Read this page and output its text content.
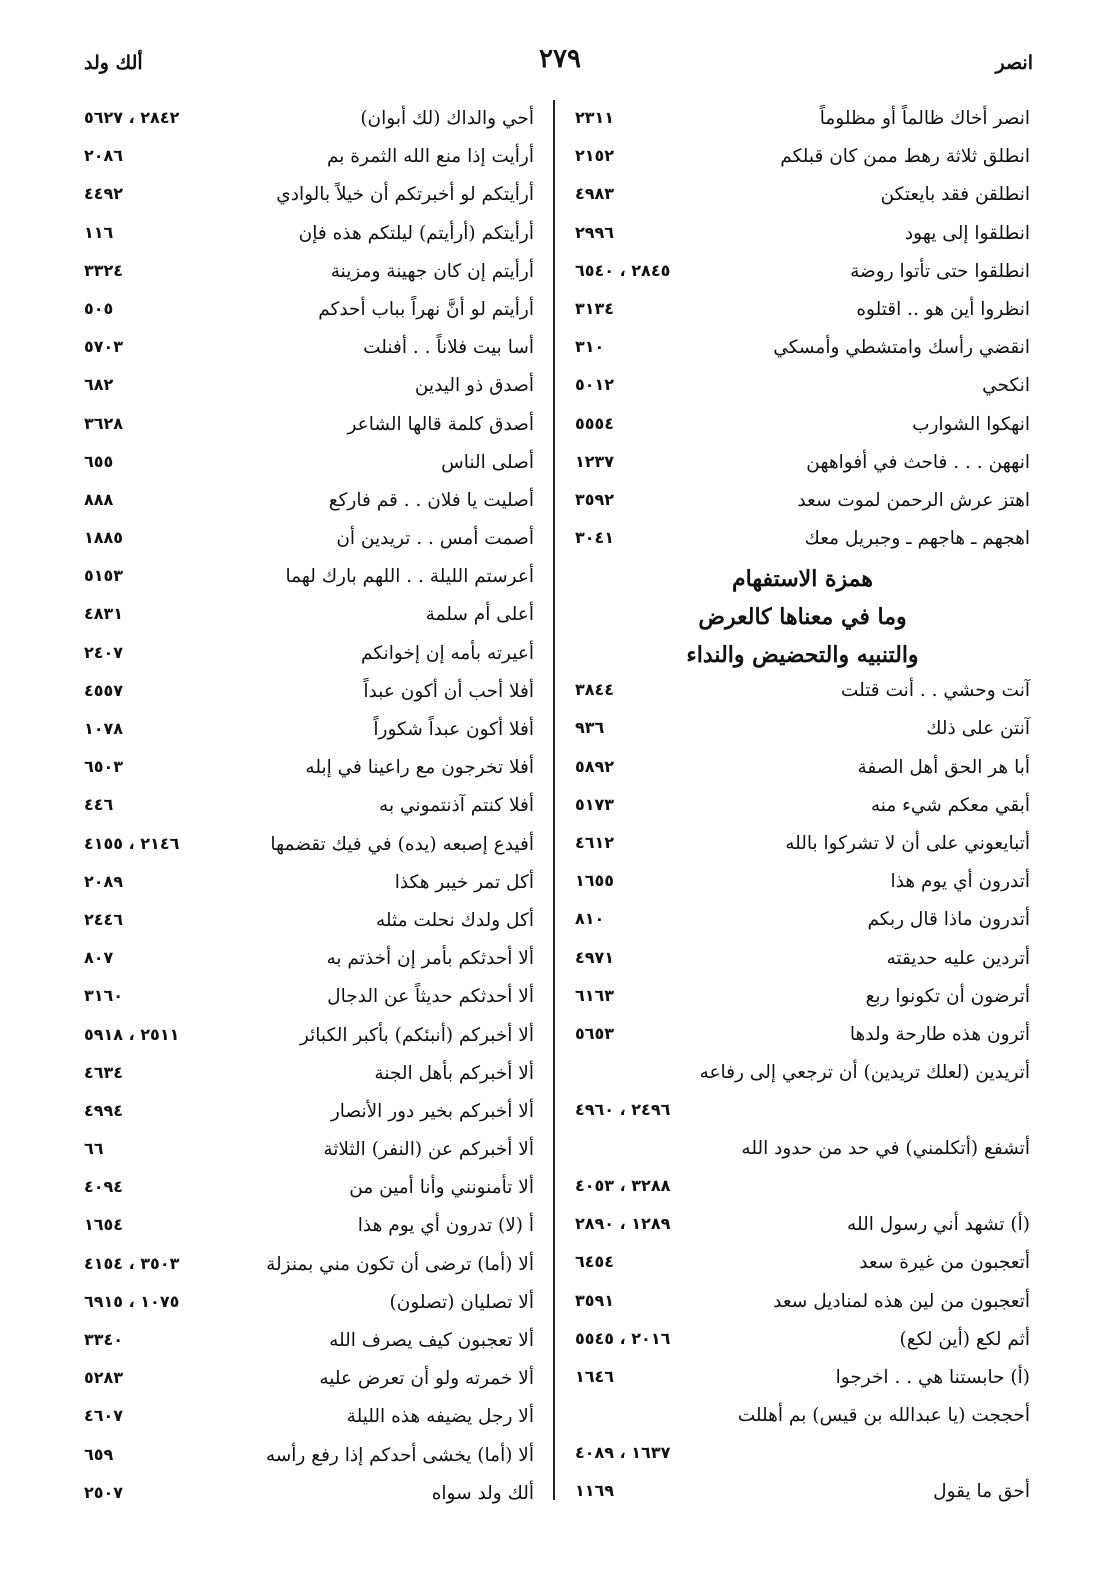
انصر
٢٧٩
ألك ولد
انصر أخاك ظالماً أو مظلوماً
٢٣١١
انطلق ثلاثة رهط ممن كان قبلكم
٢١٥٢
انطلقن فقد بايعتكن
٤٩٨٣
انطلقوا إلى يهود
٢٩٩٦
انطلقوا حتى تأتوا روضة
٢٨٤٥ ، ٦٥٤٠
انظروا أين هو .. اقتلوه
٣١٣٤
انقضي رأسك وامتشطي وأمسكي
٣١٠
انكحي
٥٠١٢
انهكوا الشوارب
٥٥٥٤
انههن . . . فاحث في أفواههن
١٢٣٧
اهتز عرش الرحمن لموت سعد
٣٥٩٢
اهجهم ـ هاجهم ـ وجبريل معك
٣٠٤١
همزة الاستفهام
وما في معناها كالعرض
والتنبيه والتحضيض والنداء
آنت وحشي . . أنت قتلت
٣٨٤٤
آنتن على ذلك
٩٣٦
أبا هر الحق أهل الصفة
٥٨٩٢
أبقي معكم شيء منه
٥١٧٣
أتبايعوني على أن لا تشركوا بالله
٤٦١٢
أتدرون أي يوم هذا
١٦٥٥
أتدرون ماذا قال ربكم
٨١٠
أتردين عليه حديقته
٤٩٧١
أترضون أن تكونوا ربع
٦١٦٣
أترون هذه طارحة ولدها
٥٦٥٣
أتريدين (لعلك تريدين) أن ترجعي إلى رفاعه
٢٤٩٦ ، ٤٩٦٠
أتشفع (أتكلمني) في حد من حدود الله
٣٢٨٨ ، ٤٠٥٣
(أ) تشهد أني رسول الله
١٢٨٩ ، ٢٨٩٠
أتعجبون من غيرة سعد
٦٤٥٤
أتعجبون من لين هذه لمناديل سعد
٣٥٩١
أثم لكع (أين لكع)
٢٠١٦ ، ٥٥٤٥
(أ) حابستنا هي . . اخرجوا
١٦٤٦
أحججت (يا عبدالله بن قيس) بم أهللت
١٦٣٧ ، ٤٠٨٩
أحق ما يقول
١١٦٩
أحي والداك (لك أبوان)
٢٨٤٢ ، ٥٦٢٧
أرأيت إذا منع الله الثمرة بم
٢٠٨٦
أرأيتكم لو أخبرتكم أن خيلاً بالوادي
٤٤٩٢
أرأيتكم (أرأيتم) ليلتكم هذه فإن
١١٦
أرأيتم إن كان جهينة ومزينة
٣٣٢٤
أرأيتم لو أنَّ نهراً بباب أحدكم
٥٠٥
أسا بيت فلاناً . . أفنلت
٥٧٠٣
أصدق ذو اليدين
٦٨٢
أصدق كلمة قالها الشاعر
٣٦٢٨
أصلى الناس
٦٥٥
أصليت يا فلان . . قم فاركع
٨٨٨
أصمت أمس . . تريدين أن
١٨٨٥
أعرستم الليلة . . اللهم بارك لهما
٥١٥٣
أعلى أم سلمة
٤٨٣١
أعيرته بأمه إن إخوانكم
٢٤٠٧
أفلا أحب أن أكون عبداً
٤٥٥٧
أفلا أكون عبداً شكوراً
١٠٧٨
أفلا تخرجون مع راعينا في إبله
٦٥٠٣
أفلا كنتم آذنتموني به
٤٤٦
أفيدع إصبعه (يده) في فيك تقضمها
٢١٤٦ ، ٤١٥٥
أكل تمر خيبر هكذا
٢٠٨٩
أكل ولدك نحلت مثله
٢٤٤٦
ألا أحدثكم بأمر إن أخذتم به
٨٠٧
ألا أحدثكم حديثاً عن الدجال
٣١٦٠
ألا أخبركم (أنبئكم) بأكبر الكبائر
٢٥١١ ، ٥٩١٨
ألا أخبركم بأهل الجنة
٤٦٣٤
ألا أخبركم بخير دور الأنصار
٤٩٩٤
ألا أخبركم عن (النفر) الثلاثة
٦٦
ألا تأمنونني وأنا أمين من
٤٠٩٤
أ (لا) تدرون أي يوم هذا
١٦٥٤
ألا (أما) ترضى أن تكون مني بمنزلة
٣٥٠٣ ، ٤١٥٤
ألا تصليان (تصلون)
١٠٧٥ ، ٦٩١٥
ألا تعجبون كيف يصرف الله
٣٣٤٠
ألا خمرته ولو أن تعرض عليه
٥٢٨٣
ألا رجل يضيفه هذه الليلة
٤٦٠٧
ألا (أما) يخشى أحدكم إذا رفع رأسه
٦٥٩
ألك ولد سواه
٢٥٠٧
